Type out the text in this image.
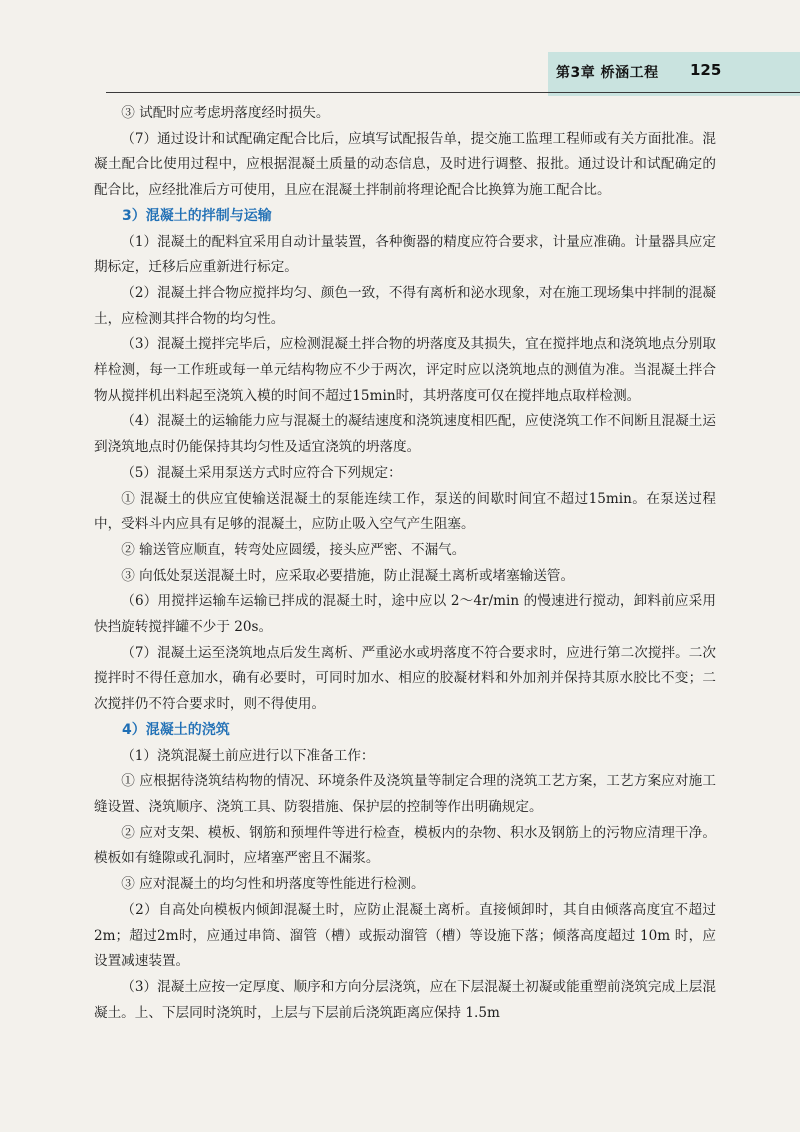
第3章 桥涵工程 125

③ 试配时应考虑坍落度经时损失。

（7）通过设计和试配确定配合比后，应填写试配报告单，提交施工监理工程师或有关方面批准。混凝土配合比使用过程中，应根据混凝土质量的动态信息，及时进行调整、报批。通过设计和试配确定的配合比，应经批准后方可使用，且应在混凝土拌制前将理论配合比换算为施工配合比。

3）混凝土的拌制与运输

（1）混凝土的配料宜采用自动计量装置，各种衡器的精度应符合要求，计量应准确。计量器具应定期标定，迁移后应重新进行标定。

（2）混凝土拌合物应搅拌均匀、颜色一致，不得有离析和泌水现象，对在施工现场集中拌制的混凝土，应检测其拌合物的均匀性。

（3）混凝土搅拌完毕后，应检测混凝土拌合物的坍落度及其损失，宜在搅拌地点和浇筑地点分别取样检测，每一工作班或每一单元结构物应不少于两次，评定时应以浇筑地点的测值为准。当混凝土拌合物从搅拌机出料起至浇筑入模的时间不超过15min时，其坍落度可仅在搅拌地点取样检测。

（4）混凝土的运输能力应与混凝土的凝结速度和浇筑速度相匹配，应使浇筑工作不间断且混凝土运到浇筑地点时仍能保持其均匀性及适宜浇筑的坍落度。

（5）混凝土采用泵送方式时应符合下列规定：

① 混凝土的供应宜使输送混凝土的泵能连续工作，泵送的间歇时间宜不超过15min。在泵送过程中，受料斗内应具有足够的混凝土，应防止吸入空气产生阻塞。

② 输送管应顺直，转弯处应圆缓，接头应严密、不漏气。

③ 向低处泵送混凝土时，应采取必要措施，防止混凝土离析或堵塞输送管。

（6）用搅拌运输车运输已拌成的混凝土时，途中应以 2～4r/min 的慢速进行搅动，卸料前应采用快挡旋转搅拌罐不少于 20s。

（7）混凝土运至浇筑地点后发生离析、严重泌水或坍落度不符合要求时，应进行第二次搅拌。二次搅拌时不得任意加水，确有必要时，可同时加水、相应的胶凝材料和外加剂并保持其原水胶比不变；二次搅拌仍不符合要求时，则不得使用。

4）混凝土的浇筑

（1）浇筑混凝土前应进行以下准备工作：

① 应根据待浇筑结构物的情况、环境条件及浇筑量等制定合理的浇筑工艺方案，工艺方案应对施工缝设置、浇筑顺序、浇筑工具、防裂措施、保护层的控制等作出明确规定。

② 应对支架、模板、钢筋和预埋件等进行检查，模板内的杂物、积水及钢筋上的污物应清理干净。模板如有缝隙或孔洞时，应堵塞严密且不漏浆。

③ 应对混凝土的均匀性和坍落度等性能进行检测。

（2）自高处向模板内倾卸混凝土时，应防止混凝土离析。直接倾卸时，其自由倾落高度宜不超过2m；超过2m时，应通过串筒、溜管（槽）或振动溜管（槽）等设施下落；倾落高度超过 10m 时，应设置减速装置。

（3）混凝土应按一定厚度、顺序和方向分层浇筑，应在下层混凝土初凝或能重塑前浇筑完成上层混凝土。上、下层同时浇筑时，上层与下层前后浇筑距离应保持 1.5m
